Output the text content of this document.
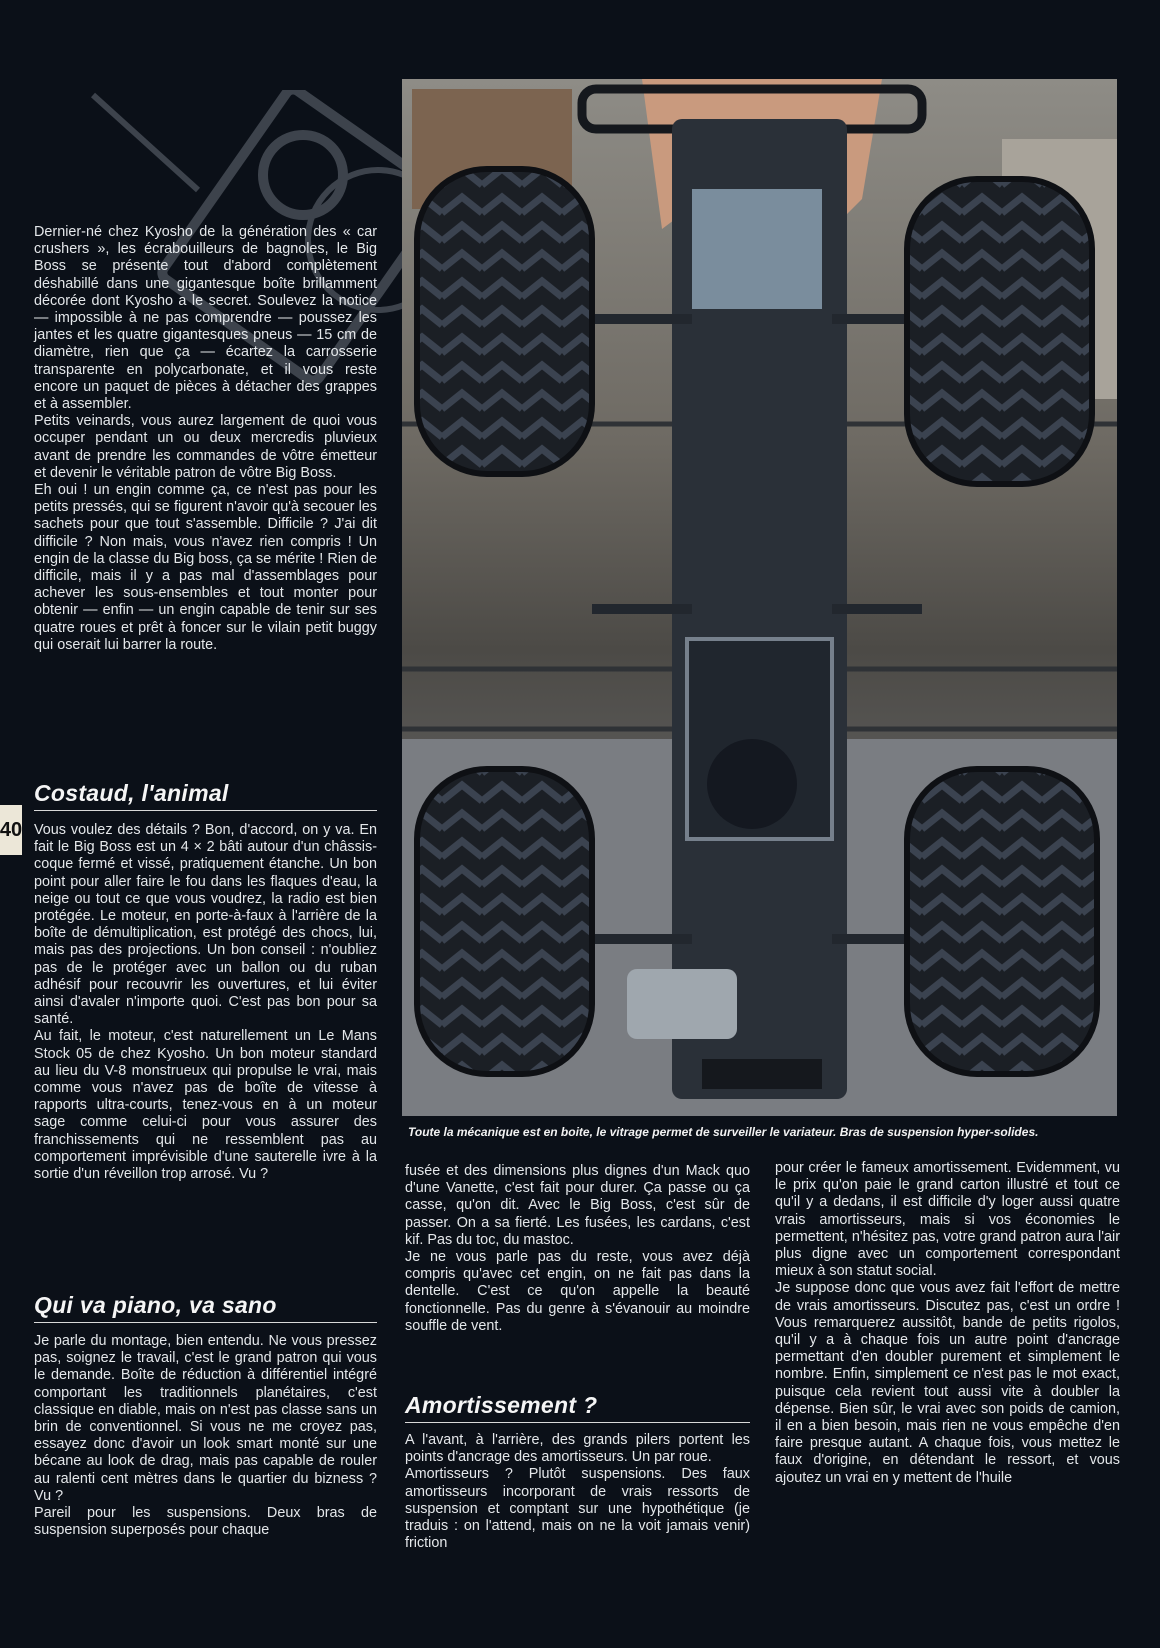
40
Toute la mécanique est en boite, le vitrage permet de surveiller le variateur. Bras de suspension hyper-solides.

Dernier-né chez Kyosho de la génération des « car crushers », les écrabouilleurs de bagnoles, le Big Boss se présente tout d'abord complètement déshabillé dans une gigantesque boîte brillamment décorée dont Kyosho a le secret. Soulevez la notice — impossible à ne pas comprendre — poussez les jantes et les quatre gigantesques pneus — 15 cm de diamètre, rien que ça — écartez la carrosserie transparente en polycarbonate, et il vous reste encore un paquet de pièces à détacher des grappes et à assembler.

Petits veinards, vous aurez largement de quoi vous occuper pendant un ou deux mercredis pluvieux avant de prendre les commandes de vôtre émetteur et devenir le véritable patron de vôtre Big Boss.

Eh oui ! un engin comme ça, ce n'est pas pour les petits pressés, qui se figurent n'avoir qu'à secouer les sachets pour que tout s'assemble. Difficile ? J'ai dit difficile ? Non mais, vous n'avez rien compris ! Un engin de la classe du Big boss, ça se mérite ! Rien de difficile, mais il y a pas mal d'assemblages pour achever les sous-ensembles et tout monter pour obtenir — enfin — un engin capable de tenir sur ses quatre roues et prêt à foncer sur le vilain petit buggy qui oserait lui barrer la route.

Costaud, l'animal

Vous voulez des détails ? Bon, d'accord, on y va. En fait le Big Boss est un 4 × 2 bâti autour d'un châssis-coque fermé et vissé, pratiquement étanche. Un bon point pour aller faire le fou dans les flaques d'eau, la neige ou tout ce que vous voudrez, la radio est bien protégée. Le moteur, en porte-à-faux à l'arrière de la boîte de démultiplication, est protégé des chocs, lui, mais pas des projections. Un bon conseil : n'oubliez pas de le protéger avec un ballon ou du ruban adhésif pour recouvrir les ouvertures, et lui éviter ainsi d'avaler n'importe quoi. C'est pas bon pour sa santé.

Au fait, le moteur, c'est naturellement un Le Mans Stock 05 de chez Kyosho. Un bon moteur standard au lieu du V-8 monstrueux qui propulse le vrai, mais comme vous n'avez pas de boîte de vitesse à rapports ultra-courts, tenez-vous en à un moteur sage comme celui-ci pour vous assurer des franchissements qui ne ressemblent pas au comportement imprévisible d'une sauterelle ivre à la sortie d'un réveillon trop arrosé. Vu ?

Qui va piano, va sano

Je parle du montage, bien entendu. Ne vous pressez pas, soignez le travail, c'est le grand patron qui vous le demande. Boîte de réduction à différentiel intégré comportant les traditionnels planétaires, c'est classique en diable, mais on n'est pas classe sans un brin de conventionnel. Si vous ne me croyez pas, essayez donc d'avoir un look smart monté sur une bécane au look de drag, mais pas capable de rouler au ralenti cent mètres dans le quartier du bizness ? Vu ?

Pareil pour les suspensions. Deux bras de suspension superposés pour chaque

fusée et des dimensions plus dignes d'un Mack quo d'une Vanette, c'est fait pour durer. Ça passe ou ça casse, qu'on dit. Avec le Big Boss, c'est sûr de passer. On a sa fierté. Les fusées, les cardans, c'est kif. Pas du toc, du mastoc.

Je ne vous parle pas du reste, vous avez déjà compris qu'avec cet engin, on ne fait pas dans la dentelle. C'est ce qu'on appelle la beauté fonctionnelle. Pas du genre à s'évanouir au moindre souffle de vent.

Amortissement ?

A l'avant, à l'arrière, des grands pilers portent les points d'ancrage des amortisseurs. Un par roue.

Amortisseurs ? Plutôt suspensions. Des faux amortisseurs incorporant de vrais ressorts de suspension et comptant sur une hypothétique (je traduis : on l'attend, mais on ne la voit jamais venir) friction

pour créer le fameux amortissement. Evidemment, vu le prix qu'on paie le grand carton illustré et tout ce qu'il y a dedans, il est difficile d'y loger aussi quatre vrais amortisseurs, mais si vos économies le permettent, n'hésitez pas, votre grand patron aura l'air plus digne avec un comportement correspondant mieux à son statut social.

Je suppose donc que vous avez fait l'effort de mettre de vrais amortisseurs. Discutez pas, c'est un ordre ! Vous remarquerez aussitôt, bande de petits rigolos, qu'il y a à chaque fois un autre point d'ancrage permettant d'en doubler purement et simplement le nombre. Enfin, simplement ce n'est pas le mot exact, puisque cela revient tout aussi vite à doubler la dépense. Bien sûr, le vrai avec son poids de camion, il en a bien besoin, mais rien ne vous empêche d'en faire presque autant. A chaque fois, vous mettez le faux d'origine, en détendant le ressort, et vous ajoutez un vrai en y mettent de l'huile
